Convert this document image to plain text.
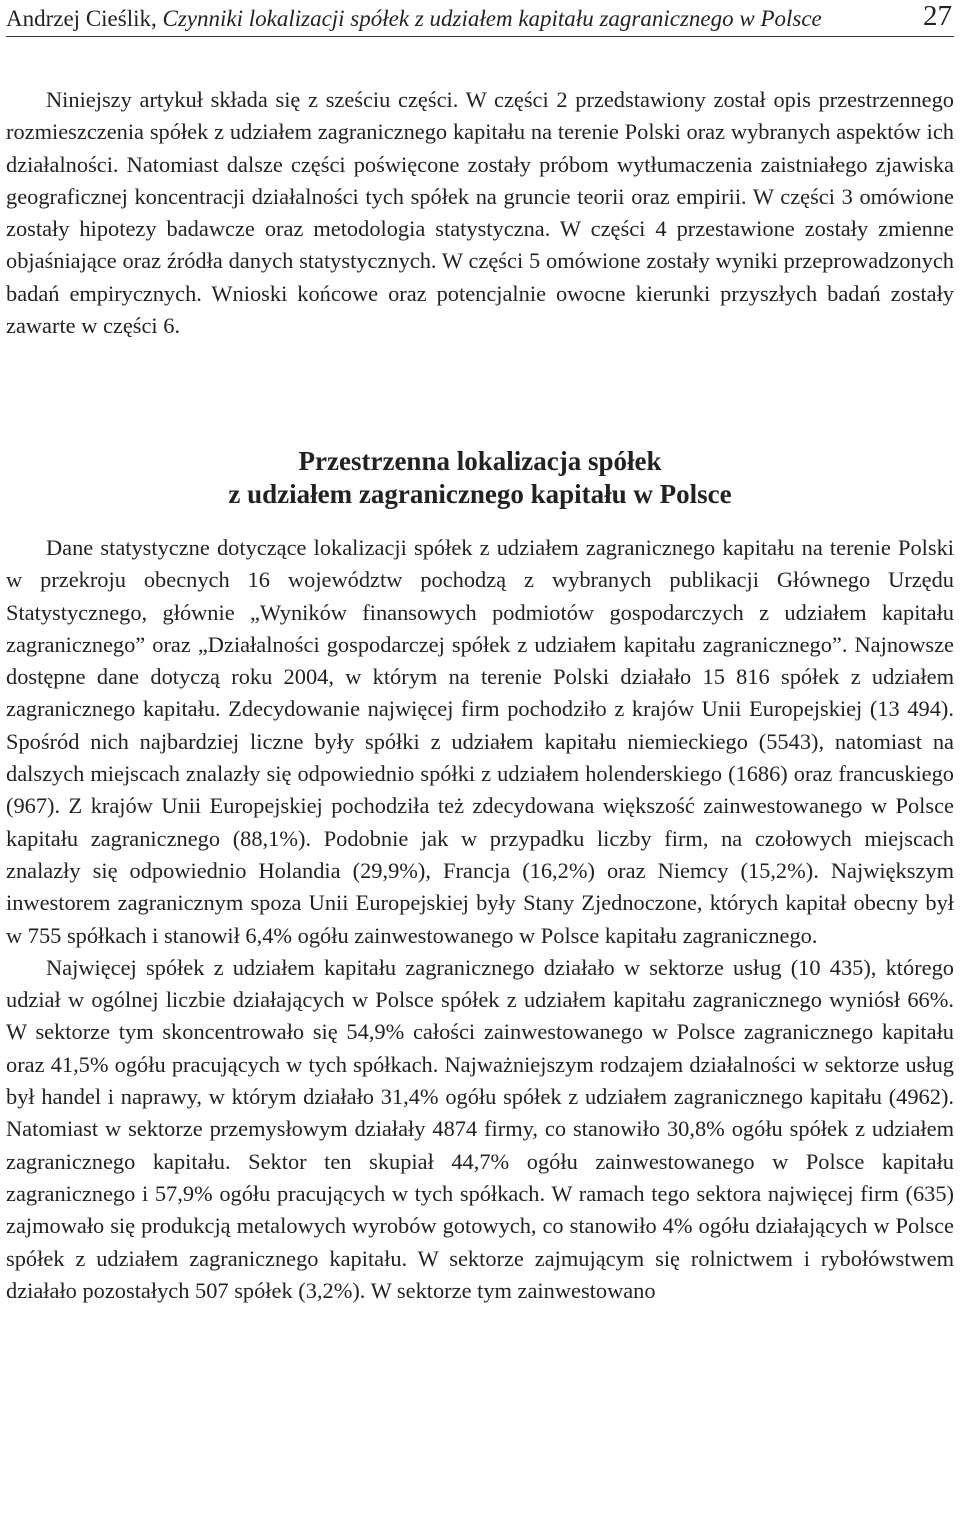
Andrzej Cieślik, Czynniki lokalizacji spółek z udziałem kapitału zagranicznego w Polsce	27

Niniejszy artykuł składa się z sześciu części. W części 2 przedstawiony został opis przestrzennego rozmieszczenia spółek z udziałem zagranicznego kapitału na terenie Polski oraz wybranych aspektów ich działalności. Natomiast dalsze części poświęcone zostały próbom wytłumaczenia zaistniałego zjawiska geograficznej koncentracji działalności tych spółek na gruncie teorii oraz empirii. W części 3 omówione zostały hipotezy badawcze oraz metodologia statystyczna. W części 4 przestawione zostały zmienne objaśniające oraz źródła danych statystycznych. W części 5 omówione zostały wyniki przeprowadzonych badań empirycznych. Wnioski końcowe oraz potencjalnie owocne kierunki przyszłych badań zostały zawarte w części 6.

Przestrzenna lokalizacja spółek
z udziałem zagranicznego kapitału w Polsce

Dane statystyczne dotyczące lokalizacji spółek z udziałem zagranicznego kapitału na terenie Polski w przekroju obecnych 16 województw pochodzą z wybranych publikacji Głównego Urzędu Statystycznego, głównie „Wyników finansowych podmiotów gospodarczych z udziałem kapitału zagranicznego” oraz „Działalności gospodarczej spółek z udziałem kapitału zagranicznego”. Najnowsze dostępne dane dotyczą roku 2004, w którym na terenie Polski działało 15 816 spółek z udziałem zagranicznego kapitału. Zdecydowanie najwięcej firm pochodziło z krajów Unii Europejskiej (13 494). Spośród nich najbardziej liczne były spółki z udziałem kapitału niemieckiego (5543), natomiast na dalszych miejscach znalazły się odpowiednio spółki z udziałem holenderskiego (1686) oraz francuskiego (967). Z krajów Unii Europejskiej pochodziła też zdecydowana większość zainwestowanego w Polsce kapitału zagranicznego (88,1%). Podobnie jak w przypadku liczby firm, na czołowych miejscach znalazły się odpowiednio Holandia (29,9%), Francja (16,2%) oraz Niemcy (15,2%). Największym inwestorem zagranicznym spoza Unii Europejskiej były Stany Zjednoczone, których kapitał obecny był w 755 spółkach i stanowił 6,4% ogółu zainwestowanego w Polsce kapitału zagranicznego.

Najwięcej spółek z udziałem kapitału zagranicznego działało w sektorze usług (10 435), którego udział w ogólnej liczbie działających w Polsce spółek z udziałem kapitału zagranicznego wyniósł 66%. W sektorze tym skoncentrowało się 54,9% całości zainwestowanego w Polsce zagranicznego kapitału oraz 41,5% ogółu pracujących w tych spółkach. Najważniejszym rodzajem działalności w sektorze usług był handel i naprawy, w którym działało 31,4% ogółu spółek z udziałem zagranicznego kapitału (4962). Natomiast w sektorze przemysłowym działały 4874 firmy, co stanowiło 30,8% ogółu spółek z udziałem zagranicznego kapitału. Sektor ten skupiał 44,7% ogółu zainwestowanego w Polsce kapitału zagranicznego i 57,9% ogółu pracujących w tych spółkach. W ramach tego sektora najwięcej firm (635) zajmowało się produkcją metalowych wyrobów gotowych, co stanowiło 4% ogółu działających w Polsce spółek z udziałem zagranicznego kapitału. W sektorze zajmującym się rolnictwem i rybołówstwem działało pozostałych 507 spółek (3,2%). W sektorze tym zainwestowano
